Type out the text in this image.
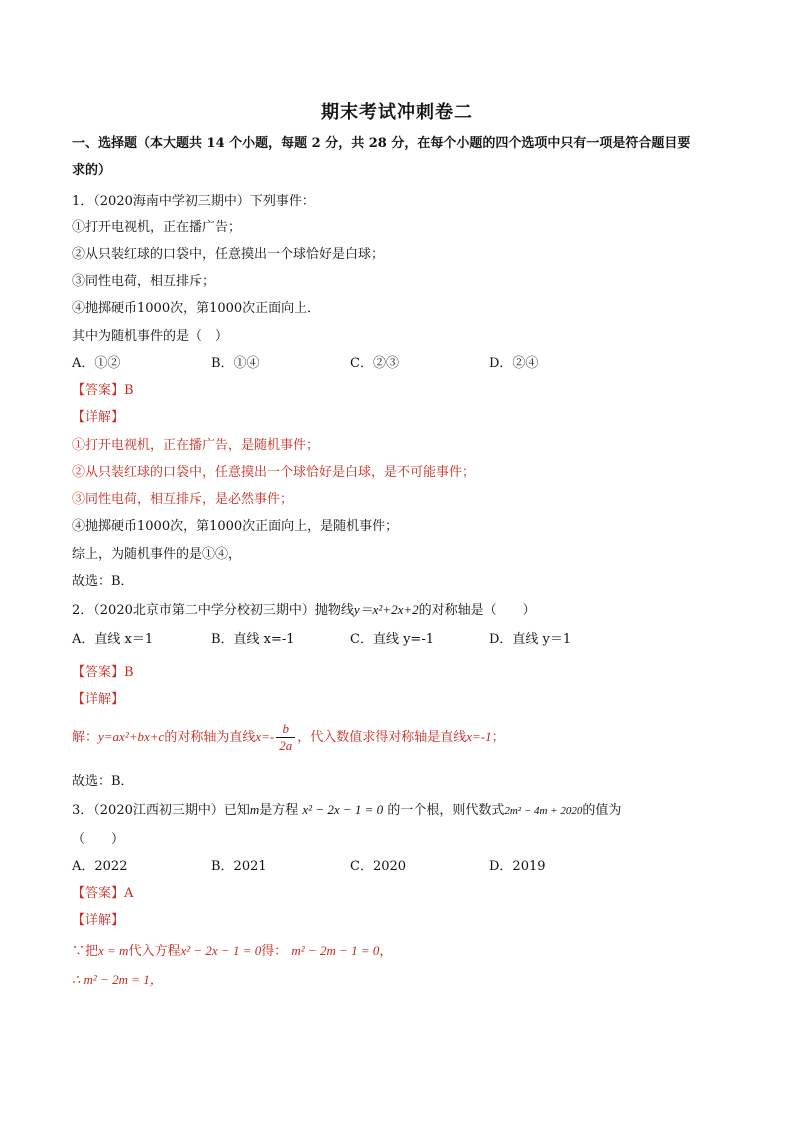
期末考试冲刺卷二
一、选择题（本大题共 14 个小题，每题 2 分，共 28 分，在每个小题的四个选项中只有一项是符合题目要
求的）
1．（2020海南中学初三期中）下列事件：
①打开电视机，正在播广告；
②从只装红球的口袋中，任意摸出一个球恰好是白球；
③同性电荷，相互排斥；
④抛掷硬币1000次，第1000次正面向上．
其中为随机事件的是（　）
A．①②	B．①④	C．②③	D．②④
【答案】B
【详解】
①打开电视机，正在播广告，是随机事件；
②从只装红球的口袋中，任意摸出一个球恰好是白球，是不可能事件；
③同性电荷，相互排斥，是必然事件；
④抛掷硬币1000次，第1000次正面向上，是随机事件；
综上，为随机事件的是①④，
故选：B．
2．（2020北京市第二中学分校初三期中）抛物线y＝x²+2x+2的对称轴是（　　）
A．直线 x＝1	B．直线 x=-1	C．直线 y=-1	D．直线 y＝1
【答案】B
【详解】
解：y=ax²+bx+c的对称轴为直线$x=- \frac{b}{2a}$ ，代入数值求得对称轴是直线x=-1；
故选：B．
3．（2020江西初三期中）已知m是方程 x² − 2x − 1 = 0 的一个根，则代数式2m² − 4m + 2020的值为
（　　）
A．2022	B．2021	C．2020	D．2019
【答案】A
【详解】
∵把x = m代入方程x² − 2x − 1 = 0得： m² − 2m − 1 = 0，
∴ m² − 2m = 1，
